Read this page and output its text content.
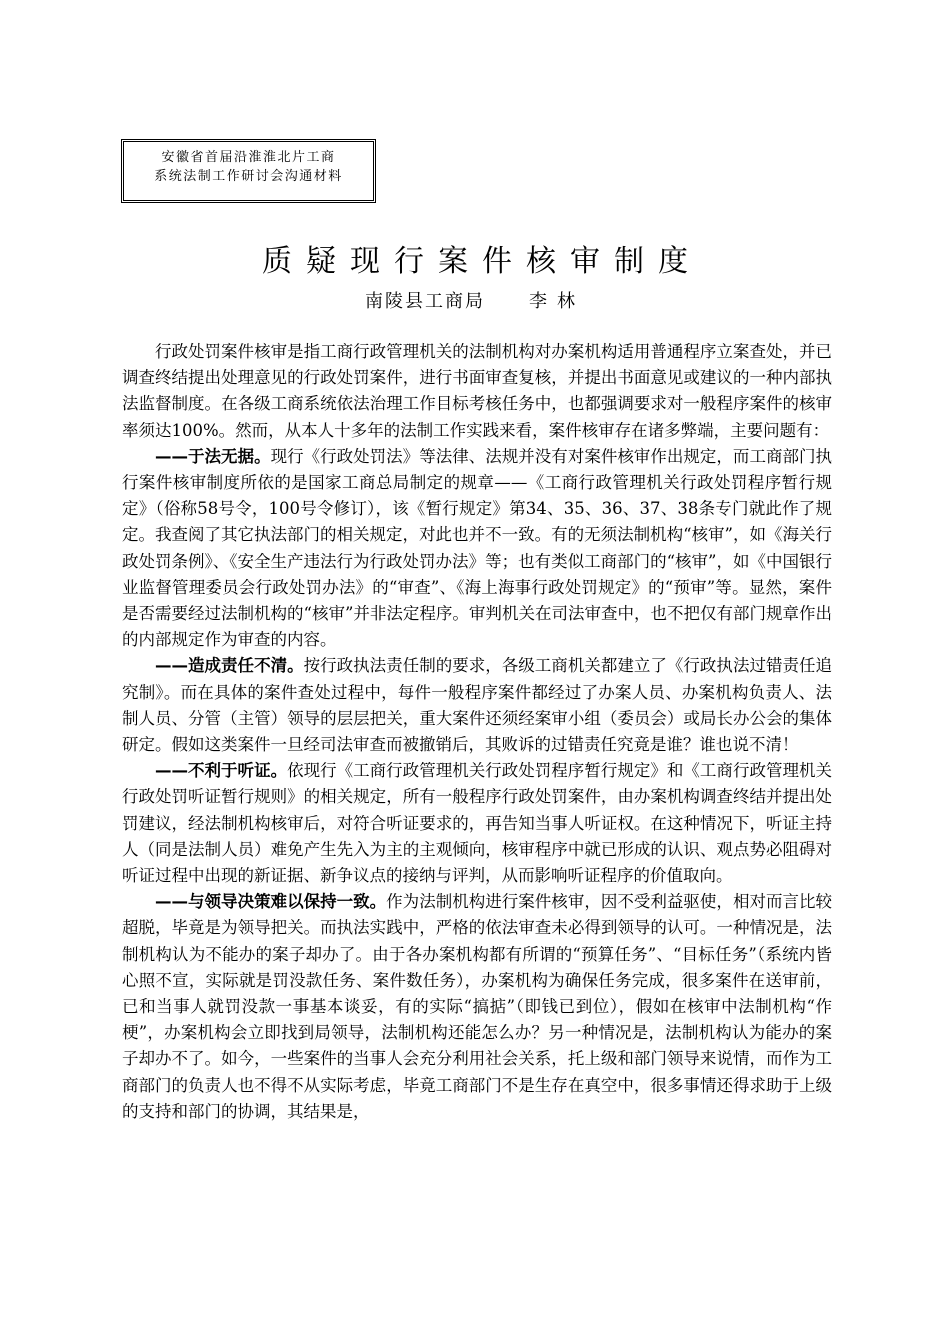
安徽省首届沿淮淮北片工商
系统法制工作研讨会沟通材料
质疑现行案件核审制度
南陵县工商局 李林

行政处罚案件核审是指工商行政管理机关的法制机构对办案机构适用普通程序立案查处，并已调查终结提出处理意见的行政处罚案件，进行书面审查复核，并提出书面意见或建议的一种内部执法监督制度。在各级工商系统依法治理工作目标考核任务中，也都强调要求对一般程序案件的核审率须达100%。然而，从本人十多年的法制工作实践来看，案件核审存在诸多弊端，主要问题有：

——于法无据。现行《行政处罚法》等法律、法规并没有对案件核审作出规定，而工商部门执行案件核审制度所依的是国家工商总局制定的规章——《工商行政管理机关行政处罚程序暂行规定》（俗称58号令，100号令修订），该《暂行规定》第34、35、36、37、38条专门就此作了规定。我查阅了其它执法部门的相关规定，对此也并不一致。有的无须法制机构“核审”，如《海关行政处罚条例》、《安全生产违法行为行政处罚办法》等；也有类似工商部门的“核审”，如《中国银行业监督管理委员会行政处罚办法》的“审查”、《海上海事行政处罚规定》的“预审”等。显然，案件是否需要经过法制机构的“核审”并非法定程序。审判机关在司法审查中，也不把仅有部门规章作出的内部规定作为审查的内容。

——造成责任不清。按行政执法责任制的要求，各级工商机关都建立了《行政执法过错责任追究制》。而在具体的案件查处过程中，每件一般程序案件都经过了办案人员、办案机构负责人、法制人员、分管（主管）领导的层层把关，重大案件还须经案审小组（委员会）或局长办公会的集体研定。假如这类案件一旦经司法审查而被撤销后，其败诉的过错责任究竟是谁？谁也说不清！

——不利于听证。依现行《工商行政管理机关行政处罚程序暂行规定》和《工商行政管理机关行政处罚听证暂行规则》的相关规定，所有一般程序行政处罚案件，由办案机构调查终结并提出处罚建议，经法制机构核审后，对符合听证要求的，再告知当事人听证权。在这种情况下，听证主持人（同是法制人员）难免产生先入为主的主观倾向，核审程序中就已形成的认识、观点势必阻碍对听证过程中出现的新证据、新争议点的接纳与评判，从而影响听证程序的价值取向。

——与领导决策难以保持一致。作为法制机构进行案件核审，因不受利益驱使，相对而言比较超脱，毕竟是为领导把关。而执法实践中，严格的依法审查未必得到领导的认可。一种情况是，法制机构认为不能办的案子却办了。由于各办案机构都有所谓的“预算任务”、“目标任务”（系统内皆心照不宣，实际就是罚没款任务、案件数任务），办案机构为确保任务完成，很多案件在送审前，已和当事人就罚没款一事基本谈妥，有的实际“搞掂”（即钱已到位），假如在核审中法制机构“作梗”，办案机构会立即找到局领导，法制机构还能怎么办？另一种情况是，法制机构认为能办的案子却办不了。如今，一些案件的当事人会充分利用社会关系，托上级和部门领导来说情，而作为工商部门的负责人也不得不从实际考虑，毕竟工商部门不是生存在真空中，很多事情还得求助于上级的支持和部门的协调，其结果是，
